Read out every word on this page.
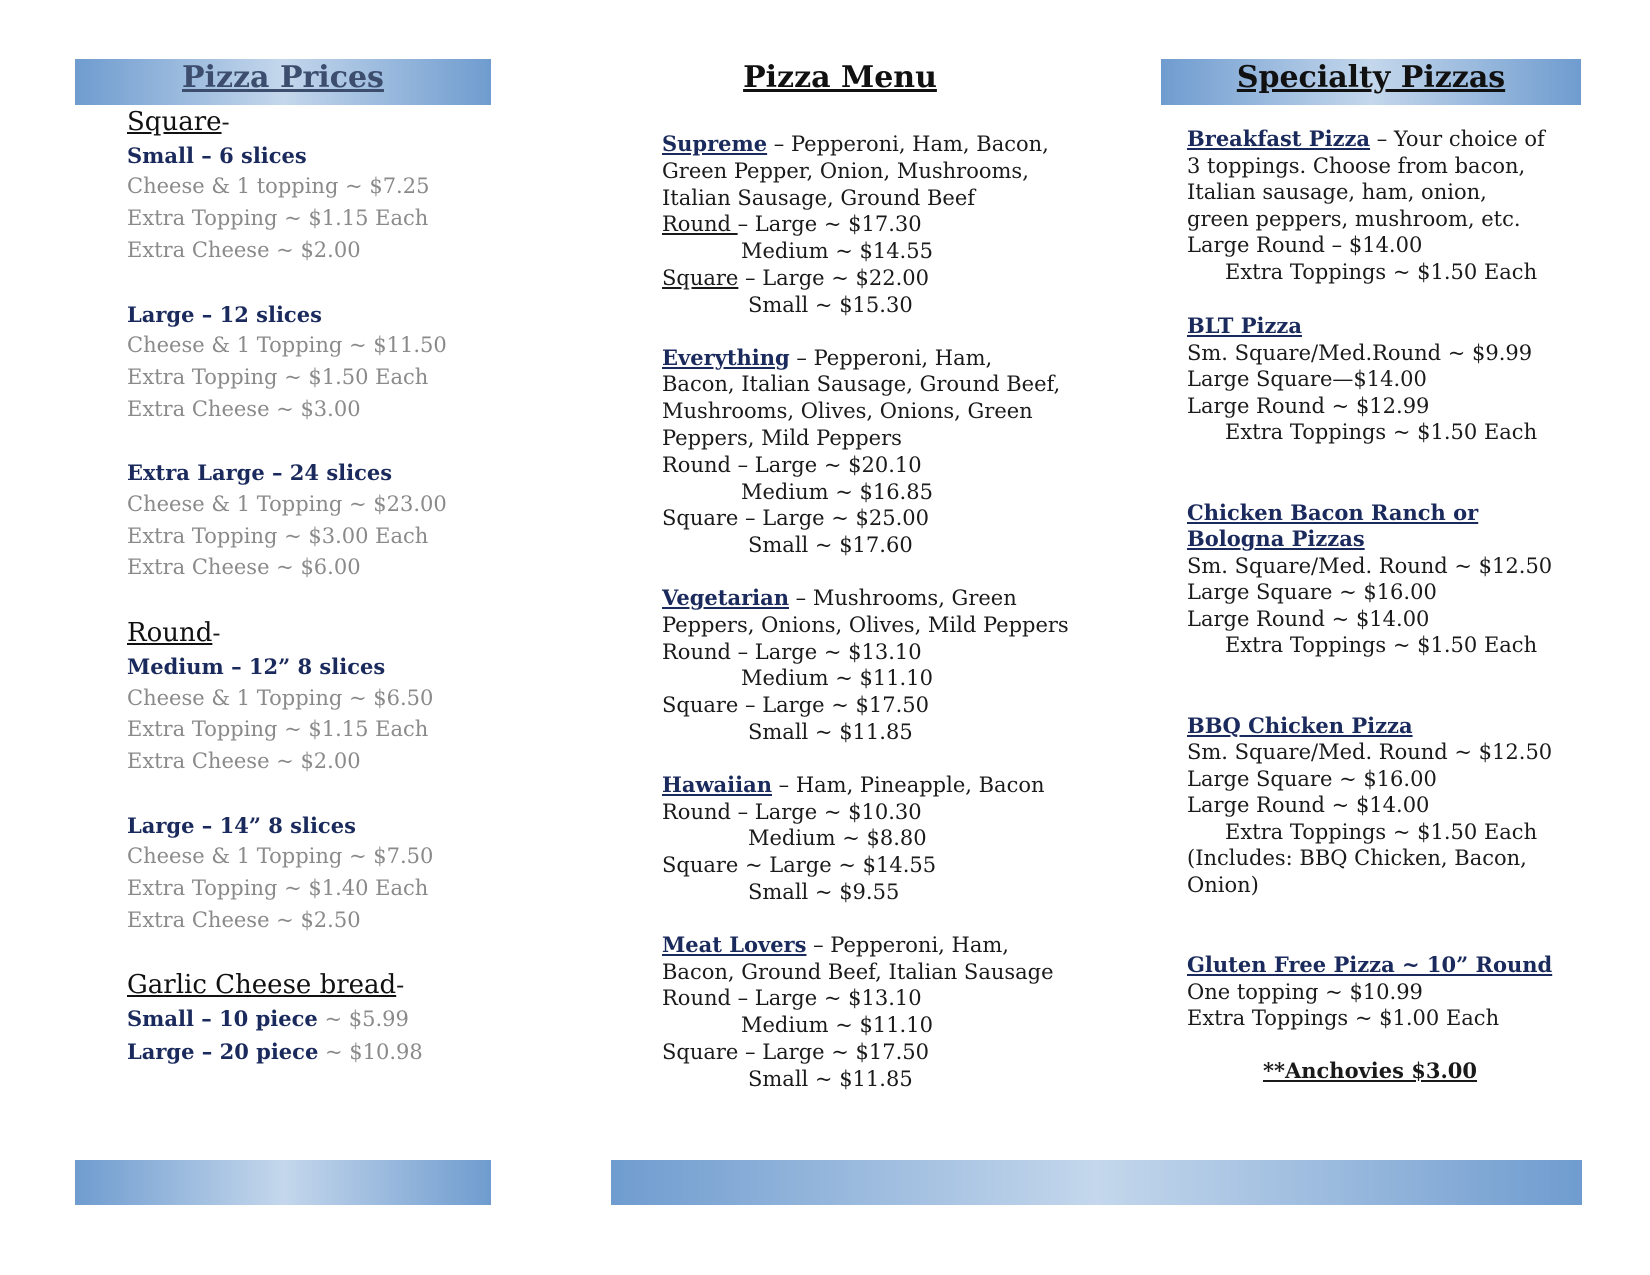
Pizza Prices	Pizza Menu	Specialty Pizzas
Square-
Small – 6 slices
Cheese & 1 topping ~ $7.25
Extra Topping ~ $1.15 Each
Extra Cheese ~ $2.00
Large – 12 slices
Cheese & 1 Topping ~ $11.50
Extra Topping ~ $1.50 Each
Extra Cheese ~ $3.00
Extra Large – 24 slices
Cheese & 1 Topping ~ $23.00
Extra Topping ~ $3.00 Each
Extra Cheese ~ $6.00
Round-
Medium – 12” 8 slices
Cheese & 1 Topping ~ $6.50
Extra Topping ~ $1.15 Each
Extra Cheese ~ $2.00
Large – 14” 8 slices
Cheese & 1 Topping ~ $7.50
Extra Topping ~ $1.40 Each
Extra Cheese ~ $2.50
Garlic Cheese bread-
Small – 10 piece ~ $5.99
Large – 20 piece ~ $10.98
Supreme – Pepperoni, Ham, Bacon,
Green Pepper, Onion, Mushrooms,
Italian Sausage, Ground Beef
Round – Large ~ $17.30
Medium ~ $14.55
Square – Large ~ $22.00
Small ~ $15.30
Everything – Pepperoni, Ham,
Bacon, Italian Sausage, Ground Beef,
Mushrooms, Olives, Onions, Green
Peppers, Mild Peppers
Round – Large ~ $20.10
Medium ~ $16.85
Square – Large ~ $25.00
Small ~ $17.60
Vegetarian – Mushrooms, Green
Peppers, Onions, Olives, Mild Peppers
Round – Large ~ $13.10
Medium ~ $11.10
Square – Large ~ $17.50
Small ~ $11.85
Hawaiian – Ham, Pineapple, Bacon
Round – Large ~ $10.30
Medium ~ $8.80
Square ~ Large ~ $14.55
Small ~ $9.55
Meat Lovers – Pepperoni, Ham,
Bacon, Ground Beef, Italian Sausage
Round – Large ~ $13.10
Medium ~ $11.10
Square – Large ~ $17.50
Small ~ $11.85
Breakfast Pizza – Your choice of
3 toppings. Choose from bacon,
Italian sausage, ham, onion,
green peppers, mushroom, etc.
Large Round – $14.00
Extra Toppings ~ $1.50 Each
BLT Pizza
Sm. Square/Med.Round ~ $9.99
Large Square—$14.00
Large Round ~ $12.99
Extra Toppings ~ $1.50 Each
Chicken Bacon Ranch or
Bologna Pizzas
Sm. Square/Med. Round ~ $12.50
Large Square ~ $16.00
Large Round ~ $14.00
Extra Toppings ~ $1.50 Each
BBQ Chicken Pizza
Sm. Square/Med. Round ~ $12.50
Large Square ~ $16.00
Large Round ~ $14.00
Extra Toppings ~ $1.50 Each
(Includes: BBQ Chicken, Bacon,
Onion)
Gluten Free Pizza ~ 10” Round
One topping ~ $10.99
Extra Toppings ~ $1.00 Each
**Anchovies $3.00
